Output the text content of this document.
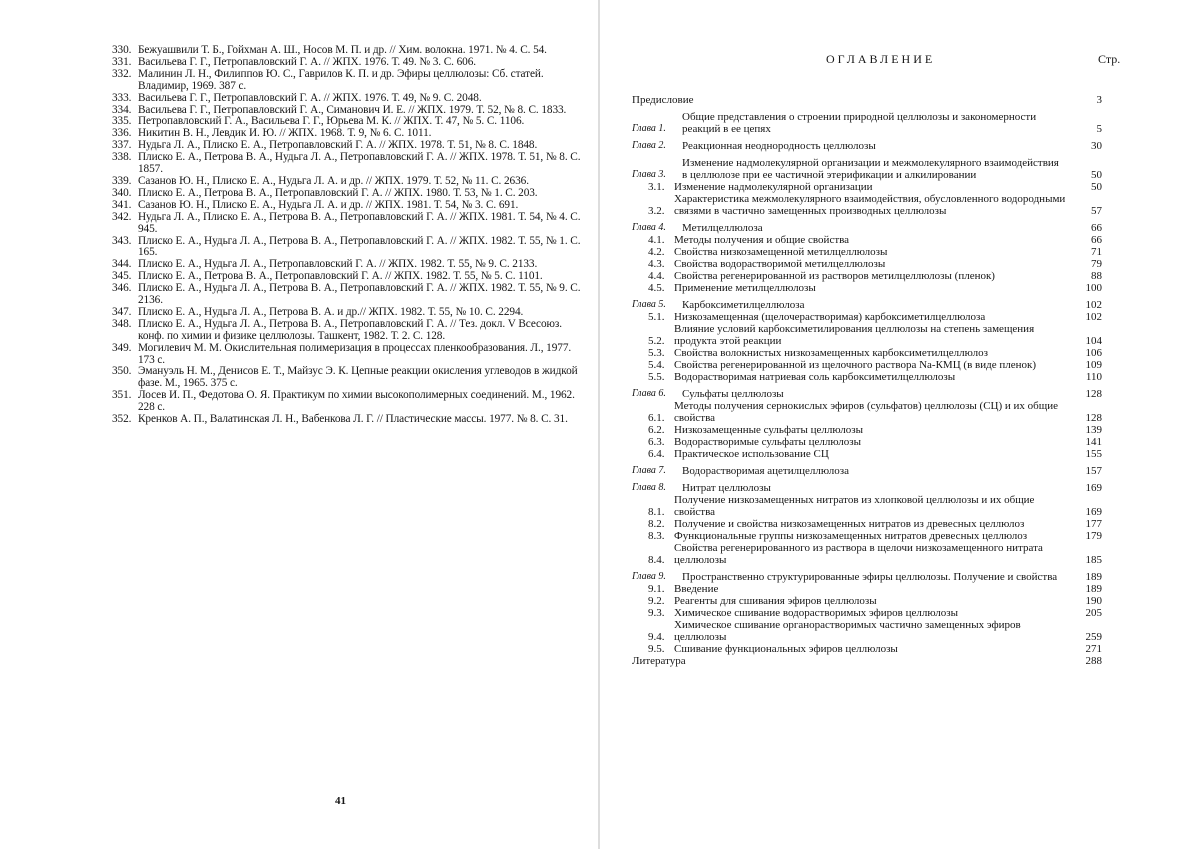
330. Бежуашвили Т. Б., Гойхман А. Ш., Носов М. П. и др. // Хим. волокна. 1971. № 4. С. 54.
331. Васильева Г. Г., Петропавловский Г. А. // ЖПХ. 1976. Т. 49. № 3. С. 606.
332. Малинин Л. Н., Филиппов Ю. С., Гаврилов К. П. и др. Эфиры целлюлозы: Сб. статей. Владимир, 1969. 387 с.
333. Васильева Г. Г., Петропавловский Г. А. // ЖПХ. 1976. Т. 49, № 9. С. 2048.
334. Васильева Г. Г., Петропавловский Г. А., Симанович И. Е. // ЖПХ. 1979. Т. 52, № 8. С. 1833.
335. Петропавловский Г. А., Васильева Г. Г., Юрьева М. К. // ЖПХ. Т. 47, № 5. С. 1106.
336. Никитин В. Н., Левдик И. Ю. // ЖПХ. 1968. Т. 9, № 6. С. 1011.
337. Нудьга Л. А., Плиско Е. А., Петропавловский Г. А. // ЖПХ. 1978. Т. 51, № 8. С. 1848.
338. Плиско Е. А., Петрова В. А., Нудьга Л. А., Петропавловский Г. А. // ЖПХ. 1978. Т. 51, № 8. С. 1857.
339. Сазанов Ю. Н., Плиско Е. А., Нудьга Л. А. и др. // ЖПХ. 1979. Т. 52, № 11. С. 2636.
340. Плиско Е. А., Петрова В. А., Петропавловский Г. А. // ЖПХ. 1980. Т. 53, № 1. С. 203.
341. Сазанов Ю. Н., Плиско Е. А., Нудьга Л. А. и др. // ЖПХ. 1981. Т. 54, № 3. С. 691.
342. Нудьга Л. А., Плиско Е. А., Петрова В. А., Петропавловский Г. А. // ЖПХ. 1981. Т. 54, № 4. С. 945.
343. Плиско Е. А., Нудьга Л. А., Петрова В. А., Петропавловский Г. А. // ЖПХ. 1982. Т. 55, № 1. С. 165.
344. Плиско Е. А., Нудьга Л. А., Петропавловский Г. А. // ЖПХ. 1982. Т. 55, № 9. С. 2133.
345. Плиско Е. А., Петрова В. А., Петропавловский Г. А. // ЖПХ. 1982. Т. 55, № 5. С. 1101.
346. Плиско Е. А., Нудьга Л. А., Петрова В. А., Петропавловский Г. А. // ЖПХ. 1982. Т. 55, № 9. С. 2136.
347. Плиско Е. А., Нудьга Л. А., Петрова В. А. и др.// ЖПХ. 1982. Т. 55, № 10. С. 2294.
348. Плиско Е. А., Нудьга Л. А., Петрова В. А., Петропавловский Г. А. // Тез. докл. V Всесоюз. конф. по химии и физике целлюлозы. Ташкент, 1982. Т. 2. С. 128.
349. Могилевич М. М. Окислительная полимеризация в процессах пленкообразования. Л., 1977. 173 с.
350. Эмануэль Н. М., Денисов Е. Т., Майзус Э. К. Цепные реакции окисления углеводов в жидкой фазе. М., 1965. 375 с.
351. Лосев И. П., Федотова О. Я. Практикум по химии высокополимерных соединений. М., 1962. 228 с.
352. Кренков А. П., Валатинская Л. Н., Вабенкова Л. Г. // Пластические массы. 1977. № 8. С. 31.
41
ОГЛАВЛЕНИЕ	Стр.
Предисловие	3
Глава 1.
Общие представления о строении природной целлюлозы и закономерности реакций в ее цепях	5
Глава 2.	Реакционная неоднородность целлюлозы	30
Глава 3.
Изменение надмолекулярной организации и межмолекулярного взаимодействия в целлюлозе при ее частичной этерификации и алкилировании	50
3.1. Изменение надмолекулярной организации	50
3.2.
Характеристика межмолекулярного взаимодействия, обусловленного водородными связями в частично замещенных производных целлюлозы	57
Глава 4.	Метилцеллюлоза	66
4.1. Методы получения и общие свойства	66
4.2. Свойства низкозамещенной метилцеллюлозы	71
4.3. Свойства водорастворимой метилцеллюлозы	79
4.4. Свойства регенерированной из растворов метилцеллюлозы (пленок)	88
4.5. Применение метилцеллюлозы	100
Глава 5.	Карбоксиметилцеллюлоза	102
5.1. Низкозамещенная (щелочерастворимая) карбоксиметилцеллюлоза	102
5.2.
Влияние условий карбоксиметилирования целлюлозы на степень замещения продукта этой реакции	104
5.3. Свойства волокнистых низкозамещенных карбоксиметилцеллюлоз	106
5.4. Свойства регенерированной из щелочного раствора Na-КМЦ (в виде пленок)	109
5.5. Водорастворимая натриевая соль карбоксиметилцеллюлозы	110
Глава 6.	Сульфаты целлюлозы	128
6.1.
Методы получения сернокислых эфиров (сульфатов) целлюлозы (СЦ) и их общие свойства	128
6.2. Низкозамещенные сульфаты целлюлозы	139
6.3. Водорастворимые сульфаты целлюлозы	141
6.4. Практическое использование СЦ	155
Глава 7.	Водорастворимая ацетилцеллюлоза	157
Глава 8.	Нитрат целлюлозы	169
8.1.
Получение низкозамещенных нитратов из хлопковой целлюлозы и их общие свойства	169
8.2. Получение и свойства низкозамещенных нитратов из древесных целлюлоз	177
8.3. Функциональные группы низкозамещенных нитратов древесных целлюлоз	179
8.4.
Свойства регенерированного из раствора в щелочи низкозамещенного нитрата целлюлозы	185
Глава 9.	Пространственно структурированные эфиры целлюлозы. Получение и свойства	189
9.1. Введение	189
9.2. Реагенты для сшивания эфиров целлюлозы	190
9.3. Химическое сшивание водорастворимых эфиров целлюлозы	205
9.4.
Химическое сшивание органорастворимых частично замещенных эфиров целлюлозы	259
9.5. Сшивание функциональных эфиров целлюлозы	271
Литература	288
